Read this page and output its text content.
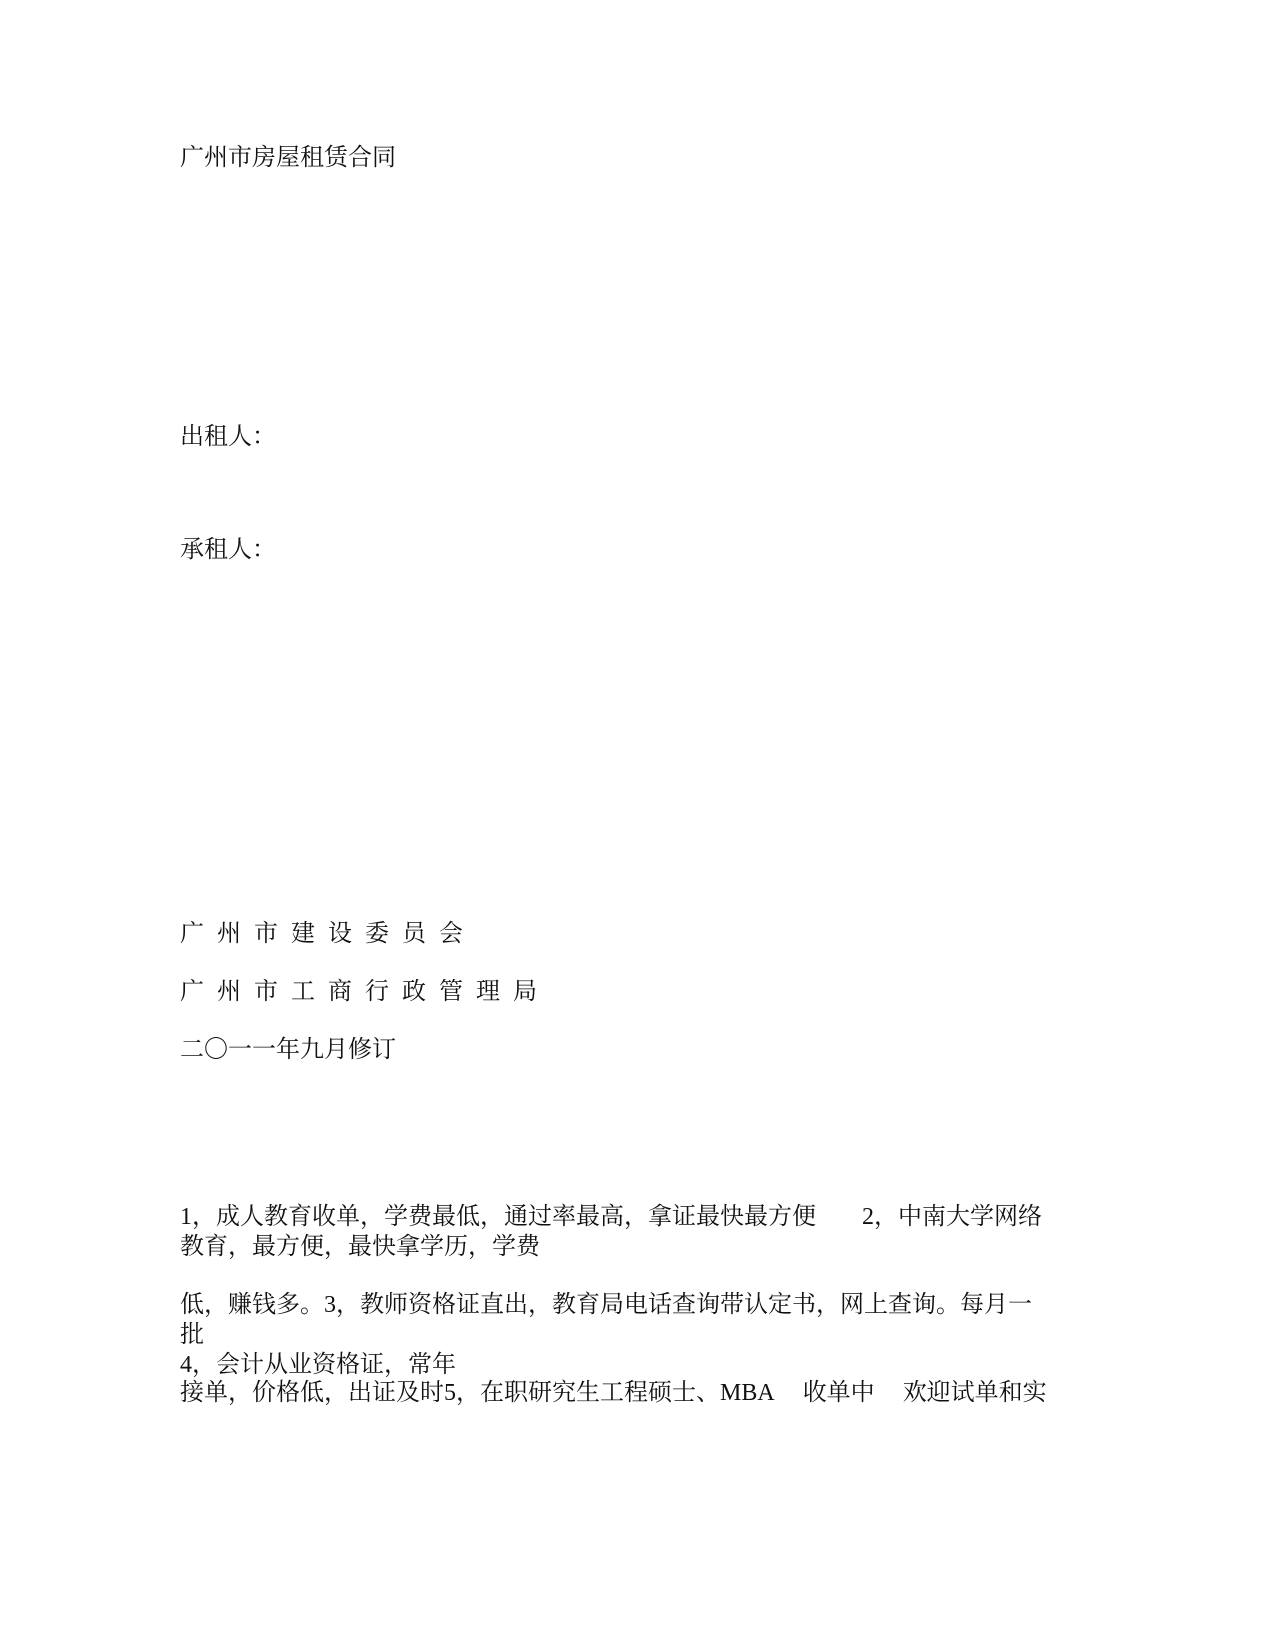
广州市房屋租赁合同
出租人：
承租人：
广州市建设委员会
广州市工商行政管理局
二〇一一年九月修订
1，成人教育收单，学费最低，通过率最高，拿证最快最方便 2，中南大学网络
教育，最方便，最快拿学历，学费
低，赚钱多。3，教师资格证直出，教育局电话查询带认定书，网上查询。每月一批
4，会计从业资格证，常年
接单，价格低，出证及时5，在职研究生工程硕士、MBA 收单中 欢迎试单和实
